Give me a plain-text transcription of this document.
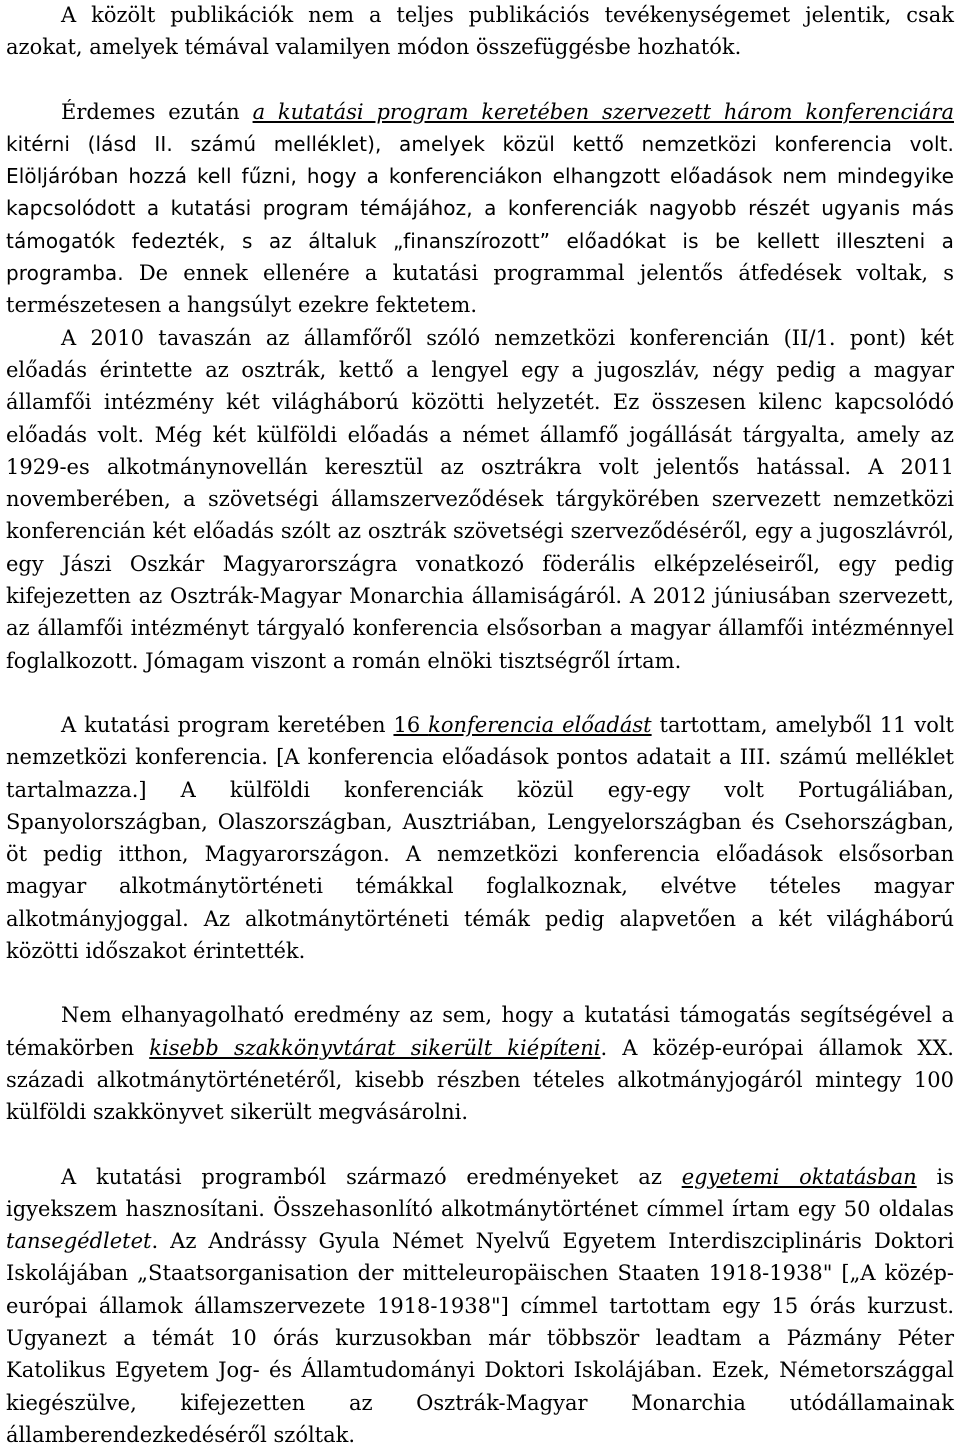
A közölt publikációk nem a teljes publikációs tevékenységemet jelentik, csak azokat, amelyek témával valamilyen módon összefüggésbe hozhatók.

Érdemes ezután a kutatási program keretében szervezett három konferenciára kitérni (lásd II. számú melléklet), amelyek közül kettő nemzetközi konferencia volt. Elöljáróban hozzá kell fűzni, hogy a konferenciákon elhangzott előadások nem mindegyike kapcsolódott a kutatási program témájához, a konferenciák nagyobb részét ugyanis más támogatók fedezték, s az általuk „finanszírozott” előadókat is be kellett illeszteni a programba. De ennek ellenére a kutatási programmal jelentős átfedések voltak, s természetesen a hangsúlyt ezekre fektetem.

A 2010 tavaszán az államfőről szóló nemzetközi konferencián (II/1. pont) két előadás érintette az osztrák, kettő a lengyel egy a jugoszláv, négy pedig a magyar államfői intézmény két világháború közötti helyzetét. Ez összesen kilenc kapcsolódó előadás volt. Még két külföldi előadás a német államfő jogállását tárgyalta, amely az 1929-es alkotmánynovellán keresztül az osztrákra volt jelentős hatással. A 2011 novemberében, a szövetségi államszerveződések tárgykörében szervezett nemzetközi konferencián két előadás szólt az osztrák szövetségi szerveződéséről, egy a jugoszlávról, egy Jászi Oszkár Magyarországra vonatkozó föderális elképzeléseiről, egy pedig kifejezetten az Osztrák-Magyar Monarchia államiságáról. A 2012 júniusában szervezett, az államfői intézményt tárgyaló konferencia elsősorban a magyar államfői intézménnyel foglalkozott. Jómagam viszont a román elnöki tisztségről írtam.

A kutatási program keretében 16 konferencia előadást tartottam, amelyből 11 volt nemzetközi konferencia. [A konferencia előadások pontos adatait a III. számú melléklet tartalmazza.] A külföldi konferenciák közül egy-egy volt Portugáliában, Spanyolországban, Olaszországban, Ausztriában, Lengyelországban és Csehországban, öt pedig itthon, Magyarországon. A nemzetközi konferencia előadások elsősorban magyar alkotmánytörténeti témákkal foglalkoznak, elvétve tételes magyar alkotmányjoggal. Az alkotmánytörténeti témák pedig alapvetően a két világháború közötti időszakot érintették.

Nem elhanyagolható eredmény az sem, hogy a kutatási támogatás segítségével a témakörben kisebb szakkönyvtárat sikerült kiépíteni. A közép-európai államok XX. századi alkotmánytörténetéről, kisebb részben tételes alkotmányjogáról mintegy 100 külföldi szakkönyvet sikerült megvásárolni.

A kutatási programból származó eredményeket az egyetemi oktatásban is igyekszem hasznosítani. Összehasonlító alkotmánytörténet címmel írtam egy 50 oldalas tansegédletet. Az Andrássy Gyula Német Nyelvű Egyetem Interdiszciplináris Doktori Iskolájában „Staatsorganisation der mitteleuropäischen Staaten 1918-1938" [„A közép-európai államok államszervezete 1918-1938"] címmel tartottam egy 15 órás kurzust. Ugyanezt a témát 10 órás kurzusokban már többször leadtam a Pázmány Péter Katolikus Egyetem Jog- és Államtudományi Doktori Iskolájában. Ezek, Németországgal kiegészülve, kifejezetten az Osztrák-Magyar Monarchia utódállamainak államberendezkedéséről szóltak.
